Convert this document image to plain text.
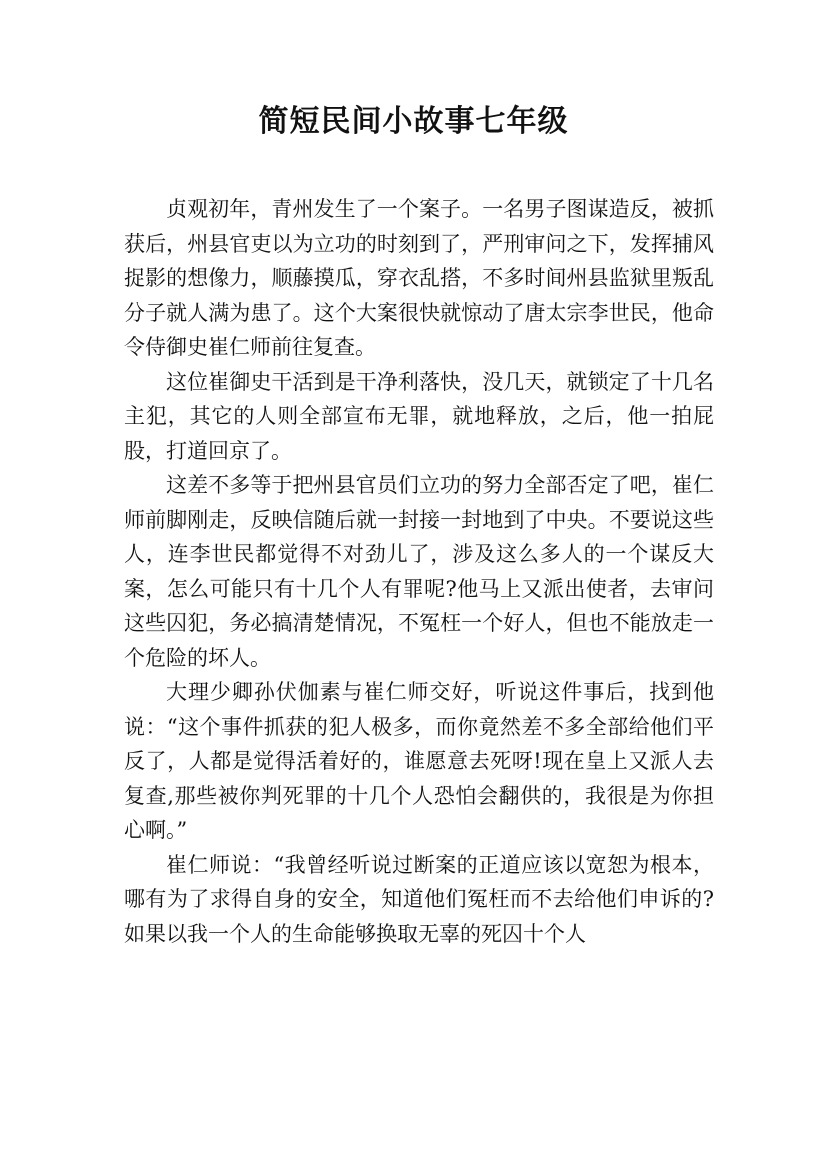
简短民间小故事七年级

贞观初年，青州发生了一个案子。一名男子图谋造反，被抓获后，州县官吏以为立功的时刻到了，严刑审问之下，发挥捕风捉影的想像力，顺藤摸瓜，穿衣乱搭，不多时间州县监狱里叛乱分子就人满为患了。这个大案很快就惊动了唐太宗李世民，他命令侍御史崔仁师前往复查。

这位崔御史干活到是干净利落快，没几天，就锁定了十几名主犯，其它的人则全部宣布无罪，就地释放，之后，他一拍屁股，打道回京了。

这差不多等于把州县官员们立功的努力全部否定了吧，崔仁师前脚刚走，反映信随后就一封接一封地到了中央。不要说这些人，连李世民都觉得不对劲儿了，涉及这么多人的一个谋反大案，怎么可能只有十几个人有罪呢?他马上又派出使者，去审问这些囚犯，务必搞清楚情况，不冤枉一个好人，但也不能放走一个危险的坏人。

大理少卿孙伏伽素与崔仁师交好，听说这件事后，找到他说：“这个事件抓获的犯人极多，而你竟然差不多全部给他们平反了，人都是觉得活着好的，谁愿意去死呀!现在皇上又派人去复查,那些被你判死罪的十几个人恐怕会翻供的，我很是为你担心啊。”

崔仁师说：“我曾经听说过断案的正道应该以宽恕为根本，哪有为了求得自身的安全，知道他们冤枉而不去给他们申诉的?如果以我一个人的生命能够换取无辜的死囚十个人
